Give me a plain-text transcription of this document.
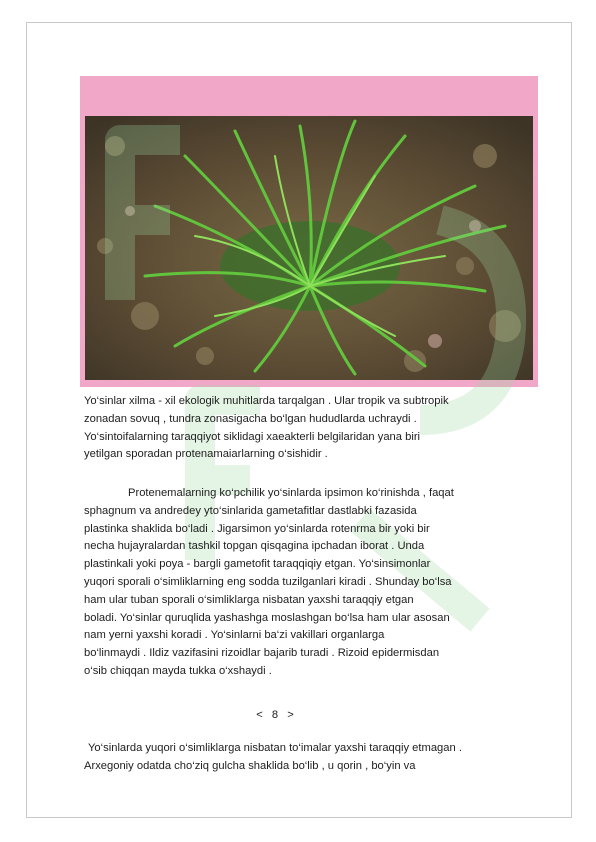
Yo‘sinlar xilma - xil ekologik muhitlarda tarqalgan . Ular tropik va subtropik
zonadan sovuq , tundra zonasigacha bo‘lgan hududlarda uchraydi .
Yo‘sintoifalarning taraqqiyot siklidagi xaeakterli belgilaridan yana biri
yetilgan sporadan protenamaiarlarning o‘sishidir .
Protenemalarning ko‘pchilik yo‘sinlarda ipsimon ko‘rinishda , faqat
sphagnum va andredey yto‘sinlarida gametafitlar dastlabki fazasida
plastinka shaklida bo‘ladi . Jigarsimon yo‘sinlarda rotenrma bir yoki bir
necha hujayralardan tashkil topgan qisqagina ipchadan iborat . Unda
plastinkali yoki poya - bargli gametofit taraqqiqiy etgan. Yo‘sinsimonlar
yuqori sporali o‘simliklarning eng sodda tuzilganlari kiradi . Shunday bo‘lsa
ham ular tuban sporali o‘simliklarga nisbatan yaxshi taraqqiy etgan
boladi. Yo‘sinlar quruqlida yashashga moslashgan bo‘lsa ham ular asosan
nam yerni yaxshi koradi . Yo‘sinlarni ba‘zi vakillari organlarga
bo‘linmaydi . Ildiz vazifasini rizoidlar bajarib turadi . Rizoid epidermisdan
o‘sib chiqqan mayda tukka o‘xshaydi .
< 8 >
Yo‘sinlarda yuqori o‘simliklarga nisbatan to‘imalar yaxshi taraqqiy etmagan .
Arxegoniy odatda cho‘ziq gulcha shaklida bo‘lib , u qorin , bo‘yin va
